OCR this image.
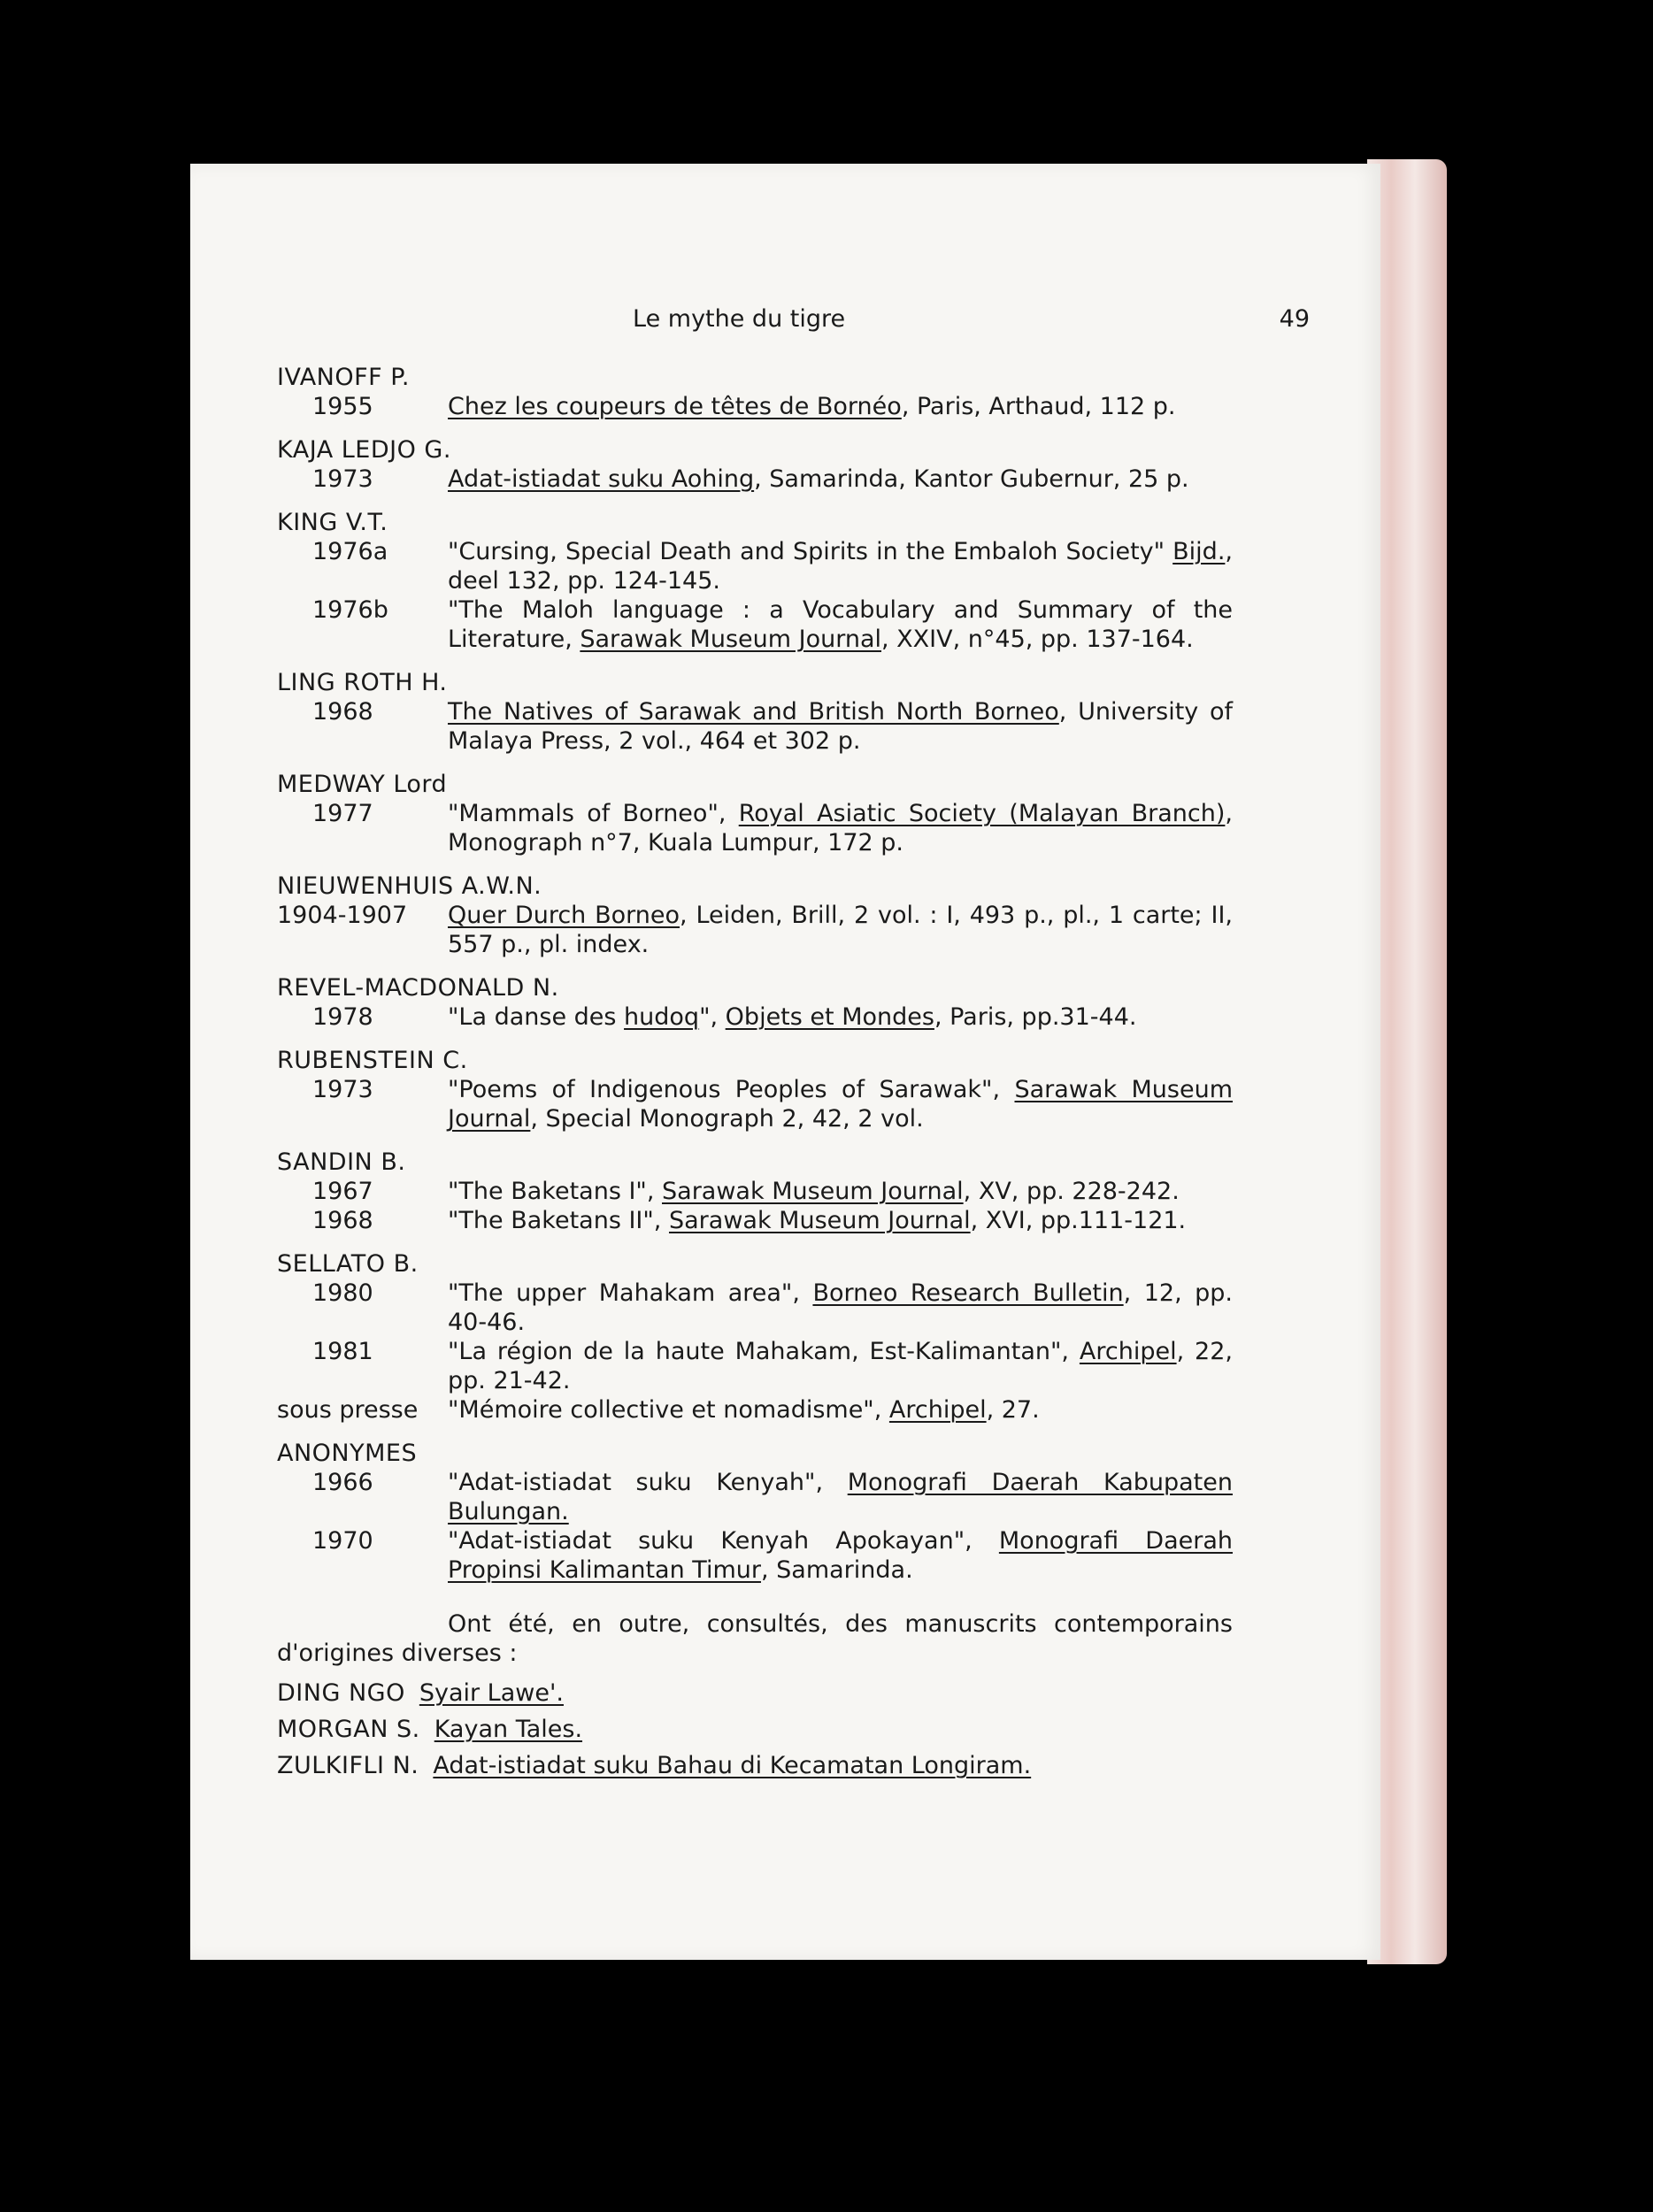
Le mythe du tigre	49
IVANOFF P.
1955	Chez les coupeurs de têtes de Bornéo, Paris, Arthaud, 112 p.
KAJA LEDJO G.
1973	Adat-istiadat suku Aohing, Samarinda, Kantor Gubernur, 25 p.
KING V.T.
1976a	"Cursing, Special Death and Spirits in the Embaloh Society" Bijd., deel 132, pp. 124-145.
1976b	"The Maloh language : a Vocabulary and Summary of the Literature, Sarawak Museum Journal, XXIV, n°45, pp. 137-164.
LING ROTH H.
1968	The Natives of Sarawak and British North Borneo, University of Malaya Press, 2 vol., 464 et 302 p.
MEDWAY Lord
1977	"Mammals of Borneo", Royal Asiatic Society (Malayan Branch), Monograph n°7, Kuala Lumpur, 172 p.
NIEUWENHUIS A.W.N.
1904-1907	Quer Durch Borneo, Leiden, Brill, 2 vol. : I, 493 p., pl., 1 carte; II, 557 p., pl. index.
REVEL-MACDONALD N.
1978	"La danse des hudoq", Objets et Mondes, Paris, pp.31-44.
RUBENSTEIN C.
1973	"Poems of Indigenous Peoples of Sarawak", Sarawak Museum Journal, Special Monograph 2, 42, 2 vol.
SANDIN B.
1967	"The Baketans I", Sarawak Museum Journal, XV, pp. 228-242.
1968	"The Baketans II", Sarawak Museum Journal, XVI, pp.111-121.
SELLATO B.
1980	"The upper Mahakam area", Borneo Research Bulletin, 12, pp. 40-46.
1981	"La région de la haute Mahakam, Est-Kalimantan", Archipel, 22, pp. 21-42.
sous presse	"Mémoire collective et nomadisme", Archipel, 27.
ANONYMES
1966	"Adat-istiadat suku Kenyah", Monografi Daerah Kabupaten Bulungan.
1970	"Adat-istiadat suku Kenyah Apokayan", Monografi Daerah Propinsi Kalimantan Timur, Samarinda.
Ont été, en outre, consultés, des manuscrits contemporains d'origines diverses :
DING NGO Syair Lawe'.
MORGAN S. Kayan Tales.
ZULKIFLI N. Adat-istiadat suku Bahau di Kecamatan Longiram.
